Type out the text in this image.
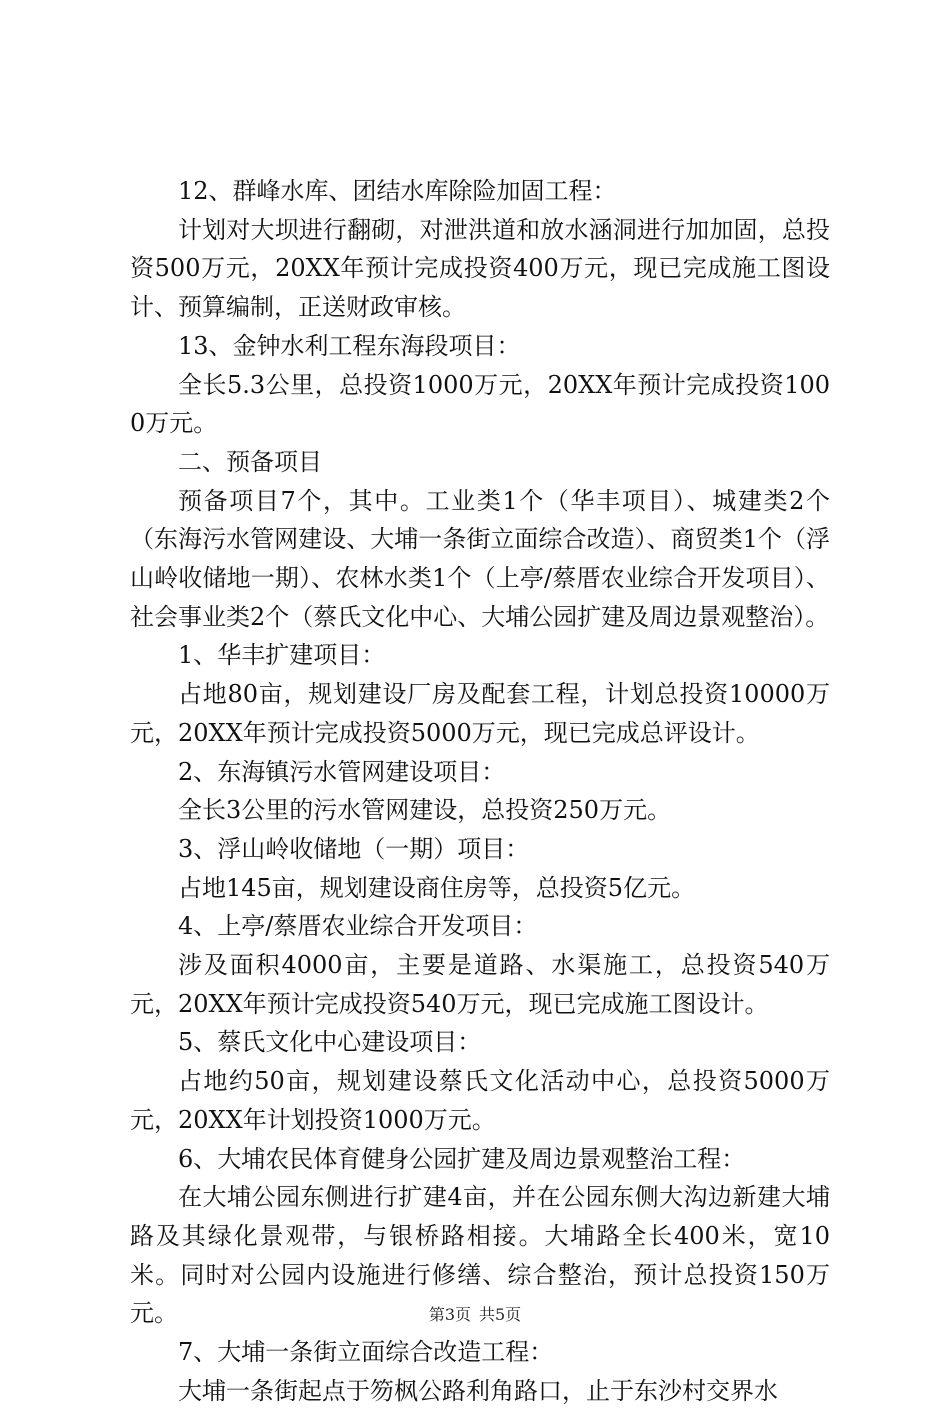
12、群峰水库、团结水库除险加固工程：

计划对大坝进行翻砌，对泄洪道和放水涵洞进行加加固，总投资500万元，20XX年预计完成投资400万元，现已完成施工图设计、预算编制，正送财政审核。

13、金钟水利工程东海段项目：

全长5.3公里，总投资1000万元，20XX年预计完成投资1000万元。

二、预备项目

预备项目7个，其中。工业类1个（华丰项目）、城建类2个（东海污水管网建设、大埔一条街立面综合改造）、商贸类1个（浮山岭收储地一期）、农林水类1个（上亭/蔡厝农业综合开发项目）、社会事业类2个（蔡氏文化中心、大埔公园扩建及周边景观整治）。

1、华丰扩建项目：

占地80亩，规划建设厂房及配套工程，计划总投资10000万元，20XX年预计完成投资5000万元，现已完成总评设计。

2、东海镇污水管网建设项目：

全长3公里的污水管网建设，总投资250万元。

3、浮山岭收储地（一期）项目：

占地145亩，规划建设商住房等，总投资5亿元。

4、上亭/蔡厝农业综合开发项目：

涉及面积4000亩，主要是道路、水渠施工，总投资540万元，20XX年预计完成投资540万元，现已完成施工图设计。

5、蔡氏文化中心建设项目：

占地约50亩，规划建设蔡氏文化活动中心，总投资5000万元，20XX年计划投资1000万元。

6、大埔农民体育健身公园扩建及周边景观整治工程：

在大埔公园东侧进行扩建4亩，并在公园东侧大沟边新建大埔路及其绿化景观带，与银桥路相接。大埔路全长400米，宽10米。同时对公园内设施进行修缮、综合整治，预计总投资150万元。

7、大埔一条街立面综合改造工程：

大埔一条街起点于笏枫公路利角路口，止于东沙村交界水

第3页 共5页
